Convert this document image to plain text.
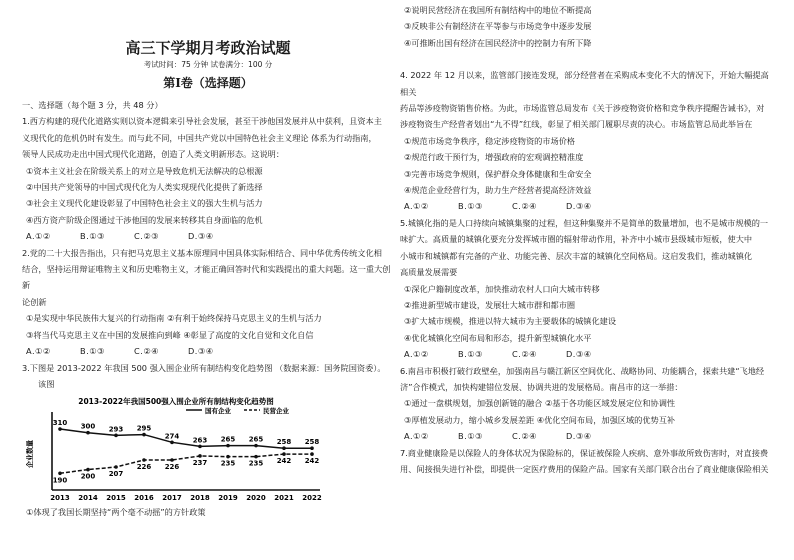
高三下学期月考政治试题
考试时间：75 分钟 试卷满分：100 分
第Ⅰ卷（选择题）
一、选择题（每个题 3 分，共 48 分）
1.西方构建的现代化道路实则以资本逻辑来引导社会发展，甚至干涉他国发展并从中获利，且资本主
义现代化的危机仍时有发生。而与此不同，中国共产党以中国特色社会主义理论 体系为行动指南，
领导人民成功走出中国式现代化道路，创造了人类文明新形态。这说明：
①资本主义社会在阶级关系上的对立是导致危机无法解决的总根源
②中国共产党领导的中国式现代化为人类实现现代化提供了新选择
③社会主义现代化建设彰显了中国特色社会主义的强大生机与活力
④西方资产阶级企图通过干涉他国的发展来转移其自身面临的危机
A.①②	B.①③	C.②③	D.③④
2.党的二十大报告指出，只有把马克思主义基本原理同中国具体实际相结合、同中华优秀传统文化相
结合，坚持运用辩证唯物主义和历史唯物主义，才能正确回答时代和实践提出的重大问题。这一重大创新
论创新
①是实现中华民族伟大复兴的行动指南 ②有利于始终保持马克思主义的生机与活力
③将当代马克思主义在中国的发展推向到峰 ④彰显了高度的文化自觉和文化自信
A.①②	B.①③	C.②④	D.③④
3.下图是 2013-2022 年我国 500 强入围企业所有制结构变化趋势图 （数据来源：国务院国资委）。
该图
2013-2022年我国500强入围企业所有制结构变化趋势图
企业数量
国有企业	民营企业
310 300 293 295
274
263 265 265 258 258
190 200 207
226 226
237 235 235 242 242
2013 2014 2015 2016 2017 2018 2019 2020 2021 2022
①体现了我国长期坚持“两个毫不动摇”的方针政策
②说明民营经济在我国所有制结构中的地位不断提高
③反映非公有制经济在平等参与市场竞争中逐步发展
④可推断出国有经济在国民经济中的控制力有所下降
4. 2022 年 12 月以来，监管部门接连发现，部分经营者在采购成本变化不大的情况下，开始大幅提高相关
药品等涉疫物资销售价格。为此，市场监管总局发布《关于涉疫物资价格和竞争秩序提醒告诫书》，对
涉疫物资生产经营者划出“九不得”红线，彰显了相关部门履职尽责的决心。市场监管总局此举旨在
①规范市场竞争秩序，稳定涉疫物资的市场价格
②规范行政干预行为，增强政府的宏观调控精准度
③完善市场竞争规则，保护群众身体健康和生命安全
④规范企业经营行为，助力生产经营者提高经济效益
A.①②	B.①③	C.②④	D.③④
5.城镇化指的是人口持续向城镇集聚的过程，但这种集聚并不是简单的数量增加，也不是城市规模的一
味扩大。高质量的城镇化要充分发挥城市圈的辐射带动作用，补齐中小城市县级城市短板，使大中
小城市和城镇都有完备的产业、功能完善、层次丰富的城镇化空间格局。这启发我们，推动城镇化
高质量发展需要
①深化户籍制度改革，加快推动农村人口向大城市转移
②推进新型城市建设，发展壮大城市群和都市圈
③扩大城市规模，推进以特大城市为主要载体的城镇化建设
④优化城镇化空间布局和形态，提升新型城镇化水平
A.①②	B.①③	C.②④	D.③④
6.南昌市积极打破行政壁垒，加强南昌与赣江新区空间优化、战略协同、功能耦合，探索共建“飞地经
济”合作模式，加快构建错位发展、协调共进的发展格局。南昌市的这一举措：
①通过一盘棋规划，加强创新链的融合 ②基于各功能区域发展定位和协调性
③厚植发展动力，缩小城乡发展差距 ④优化空间布局，加强区域的优势互补
A.①②	B.①③	C.②④	D.③④
7.商业健康险是以保险人的身体状况为保险标的，保证被保险人疾病、意外事故所致伤害时，对直接费
用、间接损失进行补偿，即提供一定医疗费用的保险产品。国家有关部门联合出台了商业健康保险相关
